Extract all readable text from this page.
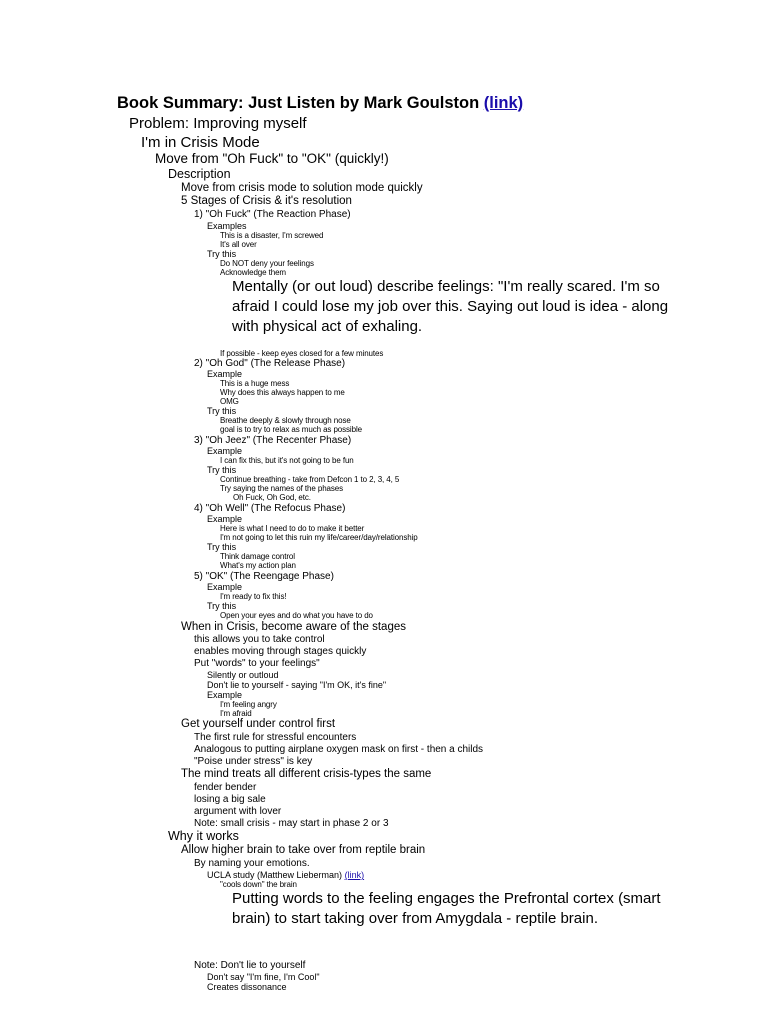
Book Summary: Just Listen by Mark Goulston (link)
Problem: Improving myself
I'm in Crisis Mode
Move from "Oh Fuck" to "OK" (quickly!)
Description
Move from crisis mode to solution mode quickly
5 Stages of Crisis & it's resolution
1) "Oh Fuck" (The Reaction Phase)
Examples
This is a disaster, I'm screwed
It's all over
Try this
Do NOT deny your feelings
Acknowledge them
Mentally (or out loud) describe feelings: "I'm really scared. I'm so afraid I could lose my job over this. Saying out loud is idea - along with physical act of exhaling.
If possible - keep eyes closed for a few minutes
2) "Oh God" (The Release Phase)
Example
This is a huge mess
Why does this always happen to me
OMG
Try this
Breathe deeply & slowly through nose
goal is to try to relax as much as possible
3) "Oh Jeez" (The Recenter Phase)
Example
I can fix this, but it's not going to be fun
Try this
Continue breathing - take from Defcon 1 to 2, 3, 4, 5
Try saying the names of the phases
Oh Fuck, Oh God, etc.
4) "Oh Well" (The Refocus Phase)
Example
Here is what I need to do to make it better
I'm not going to let this ruin my life/career/day/relationship
Try this
Think damage control
What's my action plan
5) "OK" (The Reengage Phase)
Example
I'm ready to fix this!
Try this
Open your eyes and do what you have to do
When in Crisis, become aware of the stages
this allows you to take control
enables moving through stages quickly
Put "words" to your feelings"
Silently or outloud
Don't lie to yourself - saying "I'm OK, it's fine"
Example
I'm feeling angry
I'm afraid
Get yourself under control first
The first rule for stressful encounters
Analogous to putting airplane oxygen mask on first - then a childs
"Poise under stress" is key
The mind treats all different crisis-types the same
fender bender
losing a big sale
argument with lover
Note: small crisis - may start in phase 2 or 3
Why it works
Allow higher brain to take over from reptile brain
By naming your emotions.
UCLA study (Matthew Lieberman) (link)
"cools down" the brain
Putting words to the feeling engages the Prefrontal cortex (smart brain) to start taking over from Amygdala - reptile brain.
Note: Don't lie to yourself
Don't say "I'm fine, I'm Cool"
Creates dissonance
